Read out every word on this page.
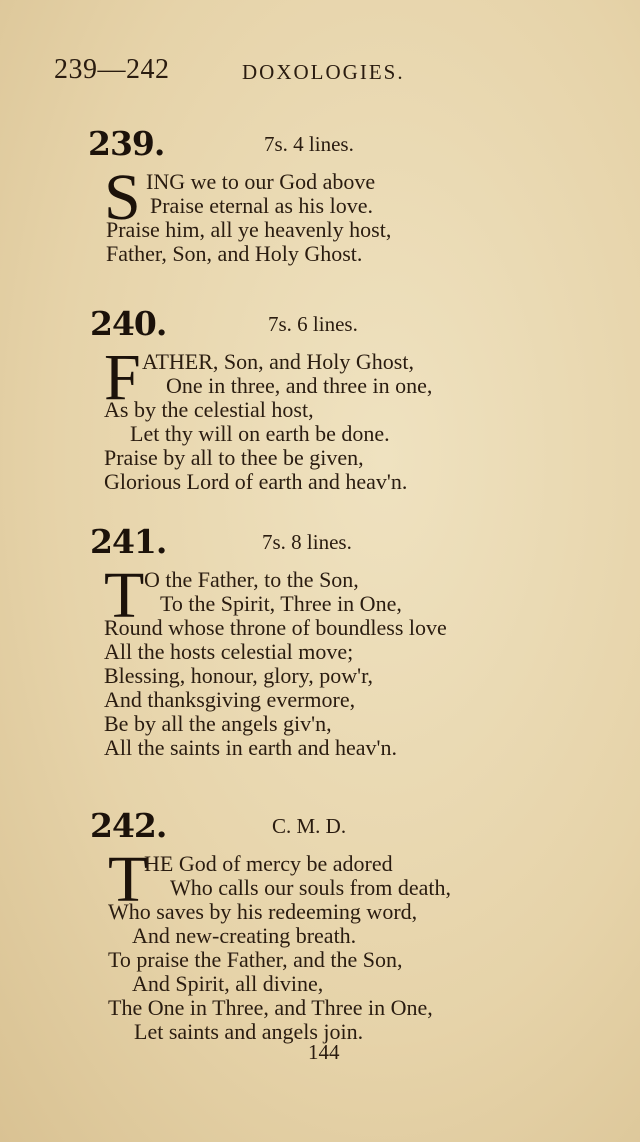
239—242	DOXOLOGIES.
239.	7s. 4 lines.
S ING we to our God above
Praise eternal as his love.
Praise him, all ye heavenly host,
Father, Son, and Holy Ghost.
240.	7s. 6 lines.
F ATHER, Son, and Holy Ghost,
One in three, and three in one,
As by the celestial host,
Let thy will on earth be done.
Praise by all to thee be given,
Glorious Lord of earth and heav'n.
241.	7s. 8 lines.
T O the Father, to the Son,
To the Spirit, Three in One,
Round whose throne of boundless love
All the hosts celestial move;
Blessing, honour, glory, pow'r,
And thanksgiving evermore,
Be by all the angels giv'n,
All the saints in earth and heav'n.
242.	C. M. D.
T
HE God of mercy be adored
Who calls our souls from death,
Who saves by his redeeming word,
And new-creating breath.
To praise the Father, and the Son,
And Spirit, all divine,
The One in Three, and Three in One,
Let saints and angels join.
144
